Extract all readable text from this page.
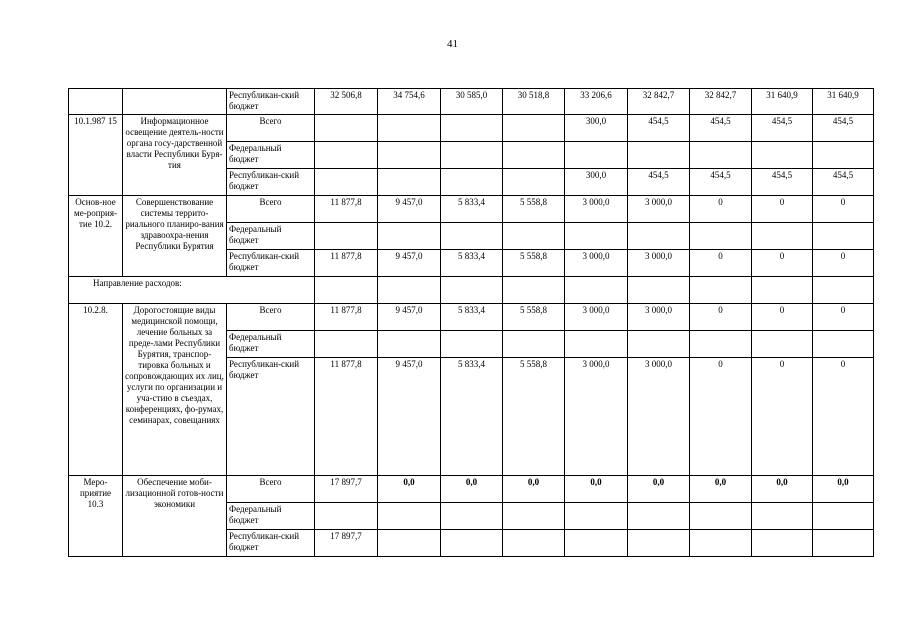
41
		Республикан-ский бюджет	32 506,8	34 754,6	30 585,0	30 518,8	33 206,6	32 842,7	32 842,7	31 640,9	31 640,9
10.1.987 15	Информационное освещение деятель-ности органа госу-дарственной власти Республики Буря-тия	Всего					300,0	454,5	454,5	454,5	454,5
		Федеральный бюджет									
		Республикан-ский бюджет					300,0	454,5	454,5	454,5	454,5
Основ-ное ме-роприя-тие 10.2.	Совершенствование системы террито-риального планиро-вания здравоохра-нения Республики Бурятия	Всего	11 877,8	9 457,0	5 833,4	5 558,8	3 000,0	3 000,0	0	0	0
		Федеральный бюджет									
		Республикан-ский бюджет	11 877,8	9 457,0	5 833,4	5 558,8	3 000,0	3 000,0	0	0	0
Направление расходов:											
10.2.8.	Дорогостоящие виды медицинской помощи, лечение больных за преде-лами Республики Бурятия, транспор-тировка больных и сопровождающих их лиц, услуги по организации и уча-стию в съездах, конференциях, фо-румах, семинарах, совещаниях	Всего	11 877,8	9 457,0	5 833,4	5 558,8	3 000,0	3 000,0	0	0	0
		Федеральный бюджет									
		Республикан-ский бюджет	11 877,8	9 457,0	5 833,4	5 558,8	3 000,0	3 000,0	0	0	0
Меро-приятие 10.3	Обеспечение моби-лизационной готов-ности экономики	Всего	17 897,7	0,0	0,0	0,0	0,0	0,0	0,0	0,0	0,0
		Федеральный бюджет									
		Республикан-ский бюджет	17 897,7								
